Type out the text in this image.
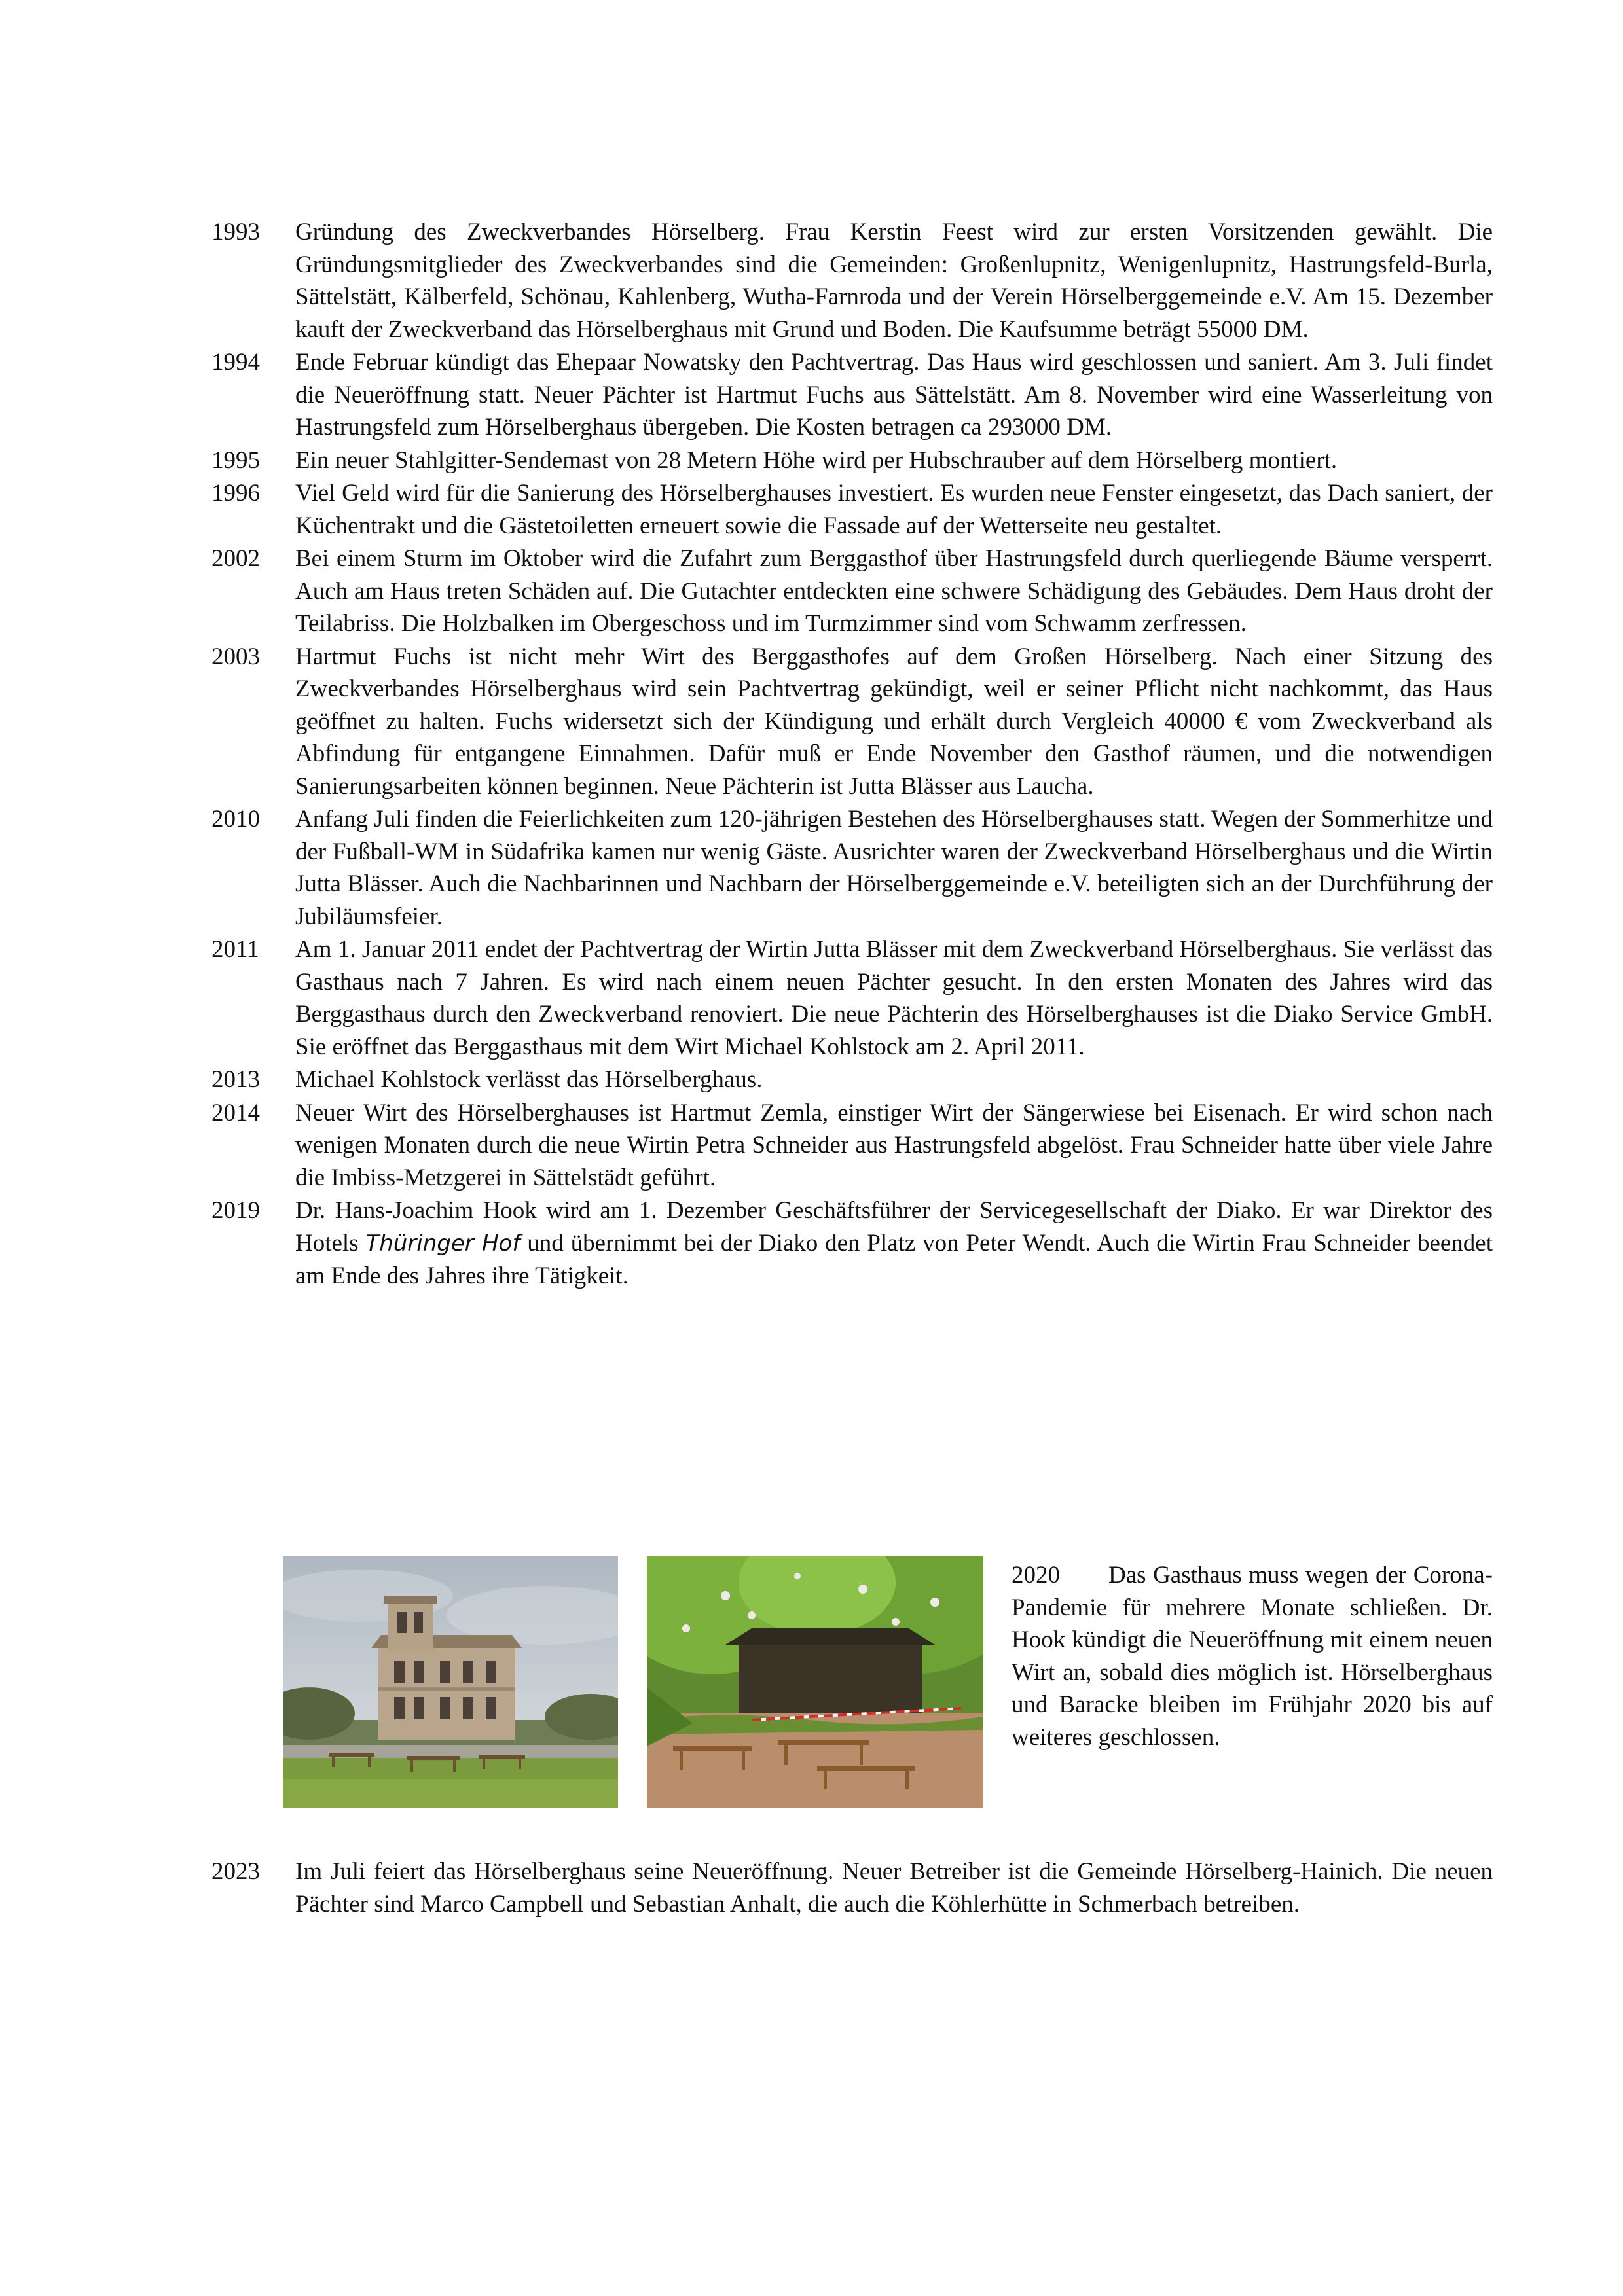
1993	Gründung des Zweckverbandes Hörselberg. Frau Kerstin Feest wird zur ersten Vorsitzenden gewählt. Die Gründungsmitglieder des Zweckverbandes sind die Gemeinden: Großenlupnitz, Wenigenlupnitz, Hastrungsfeld-Burla, Sättelstätt, Kälberfeld, Schönau, Kahlenberg, Wutha-Farnroda und der Verein Hörselberggemeinde e.V. Am 15. Dezember kauft der Zweckverband das Hörselberghaus mit Grund und Boden. Die Kaufsumme beträgt 55000 DM.
1994	Ende Februar kündigt das Ehepaar Nowatsky den Pachtvertrag. Das Haus wird geschlossen und saniert. Am 3. Juli findet die Neueröffnung statt. Neuer Pächter ist Hartmut Fuchs aus Sättelstätt. Am 8. November wird eine Wasserleitung von Hastrungsfeld zum Hörselberghaus übergeben. Die Kosten betragen ca 293000 DM.
1995	Ein neuer Stahlgitter-Sendemast von 28 Metern Höhe wird per Hubschrauber auf dem Hörselberg montiert.
1996	Viel Geld wird für die Sanierung des Hörselberghauses investiert. Es wurden neue Fenster eingesetzt, das Dach saniert, der Küchentrakt und die Gästetoiletten erneuert sowie die Fassade auf der Wetterseite neu gestaltet.
2002	Bei einem Sturm im Oktober wird die Zufahrt zum Berggasthof über Hastrungsfeld durch querliegende Bäume versperrt. Auch am Haus treten Schäden auf. Die Gutachter entdeckten eine schwere Schädigung des Gebäudes. Dem Haus droht der Teilabriss. Die Holzbalken im Obergeschoss und im Turmzimmer sind vom Schwamm zerfressen.
2003	Hartmut Fuchs ist nicht mehr Wirt des Berggasthofes auf dem Großen Hörselberg. Nach einer Sitzung des Zweckverbandes Hörselberghaus wird sein Pachtvertrag gekündigt, weil er seiner Pflicht nicht nachkommt, das Haus geöffnet zu halten. Fuchs widersetzt sich der Kündigung und erhält durch Vergleich 40000 € vom Zweckverband als Abfindung für entgangene Einnahmen. Dafür muß er Ende November den Gasthof räumen, und die notwendigen Sanierungsarbeiten können beginnen. Neue Pächterin ist Jutta Blässer aus Laucha.
2010	Anfang Juli finden die Feierlichkeiten zum 120-jährigen Bestehen des Hörselberghauses statt. Wegen der Sommerhitze und der Fußball-WM in Südafrika kamen nur wenig Gäste. Ausrichter waren der Zweckverband Hörselberghaus und die Wirtin Jutta Blässer. Auch die Nachbarinnen und Nachbarn der Hörselberggemeinde e.V. beteiligten sich an der Durchführung der Jubiläumsfeier.
2011	Am 1. Januar 2011 endet der Pachtvertrag der Wirtin Jutta Blässer mit dem Zweckverband Hörselberghaus. Sie verlässt das Gasthaus nach 7 Jahren. Es wird nach einem neuen Pächter gesucht. In den ersten Monaten des Jahres wird das Berggasthaus durch den Zweckverband renoviert. Die neue Pächterin des Hörselberghauses ist die Diako Service GmbH. Sie eröffnet das Berggasthaus mit dem Wirt Michael Kohlstock am 2. April 2011.
2013	Michael Kohlstock verlässt das Hörselberghaus.
2014	Neuer Wirt des Hörselberghauses ist Hartmut Zemla, einstiger Wirt der Sängerwiese bei Eisenach. Er wird schon nach wenigen Monaten durch die neue Wirtin Petra Schneider aus Hastrungsfeld abgelöst. Frau Schneider hatte über viele Jahre die Imbiss-Metzgerei in Sättelstädt geführt.
2019	Dr. Hans-Joachim Hook wird am 1. Dezember Geschäftsführer der Servicegesellschaft der Diako. Er war Direktor des Hotels Thüringer Hof und übernimmt bei der Diako den Platz von Peter Wendt. Auch die Wirtin Frau Schneider beendet am Ende des Jahres ihre Tätigkeit.
2020 Das Gasthaus muss wegen der Corona-Pandemie für mehrere Monate schließen. Dr. Hook kündigt die Neueröffnung mit einem neuen Wirt an, sobald dies möglich ist. Hörselberghaus und Baracke bleiben im Frühjahr 2020 bis auf weiteres geschlossen.
2023	Im Juli feiert das Hörselberghaus seine Neueröffnung. Neuer Betreiber ist die Gemeinde Hörselberg-Hainich. Die neuen Pächter sind Marco Campbell und Sebastian Anhalt, die auch die Köhlerhütte in Schmerbach betreiben.
